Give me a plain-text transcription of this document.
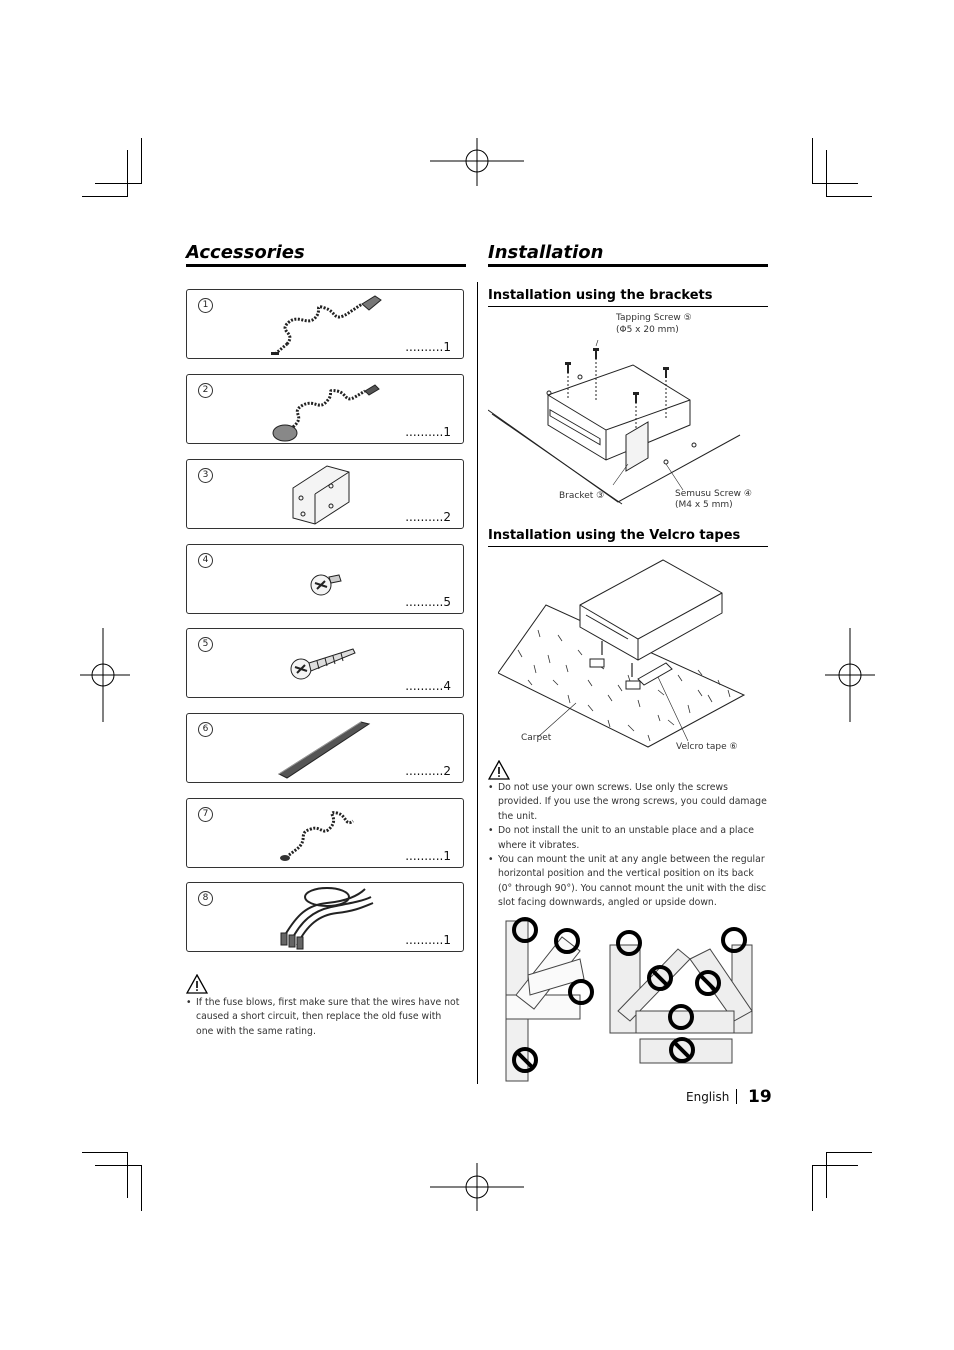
Accessories
1
..........1
2
..........1
3
..........2
4
..........5
5
..........4
6
..........2
7
..........1
8
..........1
• If the fuse blows, first make sure that the wires have not caused a short circuit, then replace the old fuse with one with the same rating.
Installation
Installation using the brackets
Tapping Screw ⑤
(Φ5 x 20 mm)
Bracket ③	Semusu Screw ④
(M4 x 5 mm)
Installation using the Velcro tapes
Carpet
Velcro tape ⑥
• Do not use your own screws. Use only the screws provided. If you use the wrong screws, you could damage the unit.
• Do not install the unit to an unstable place and a place where it vibrates.
• You can mount the unit at any angle between the regular horizontal position and the vertical position on its back (0° through 90°). You cannot mount the unit with the disc slot facing downwards, angled or upside down.
English 19
